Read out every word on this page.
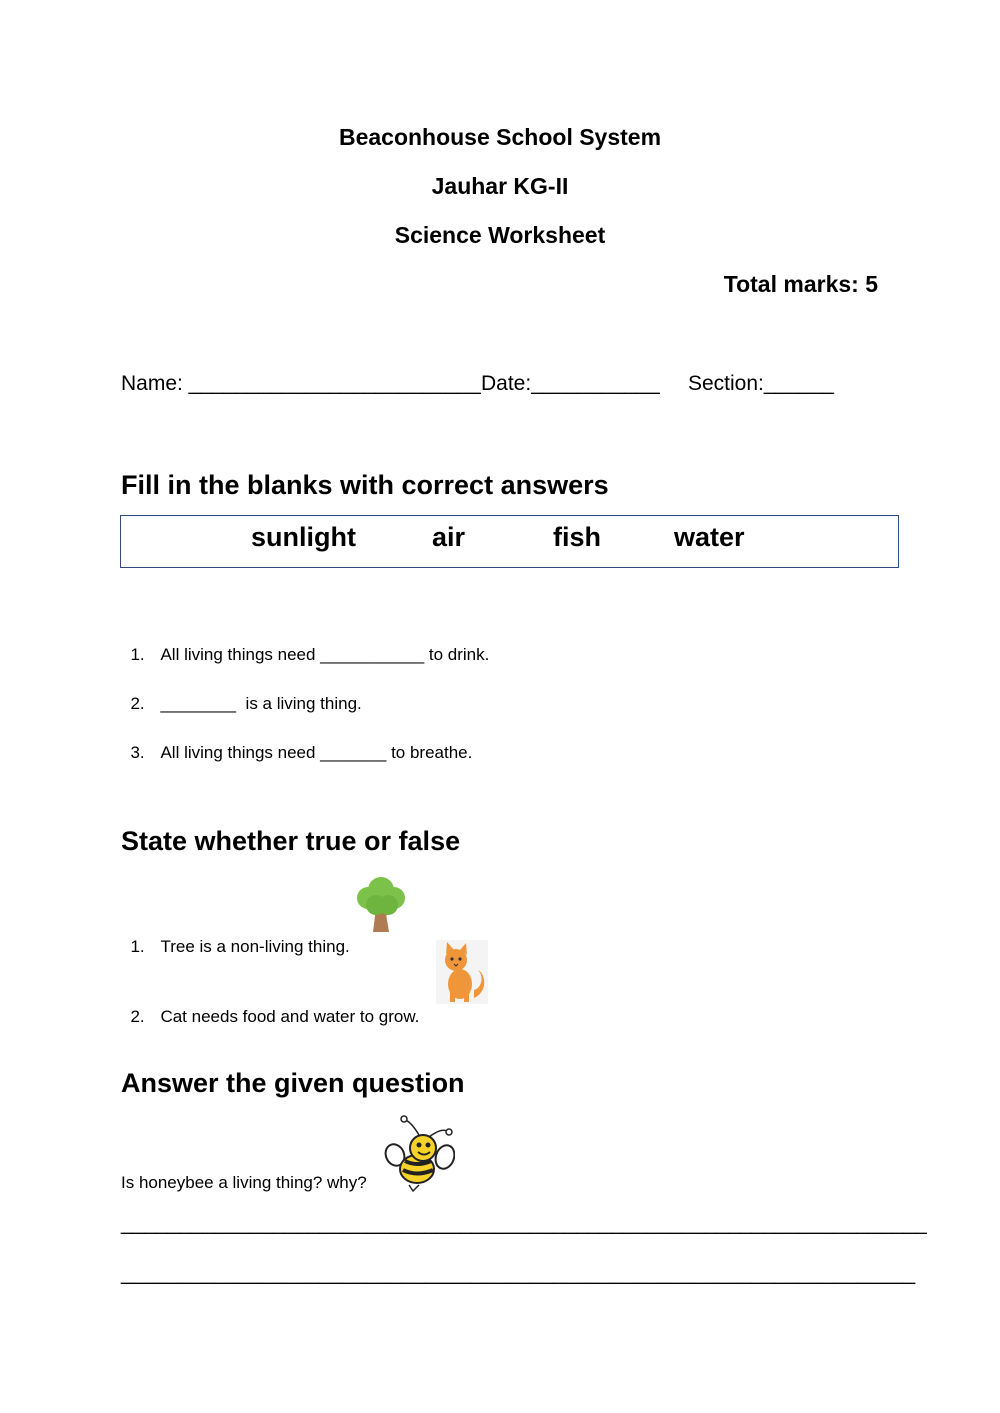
Beaconhouse School System
Jauhar KG-II
Science Worksheet
Total marks: 5
Name: _________________________ Date:___________ Section:______
Fill in the blanks with correct answers
sunlight	air	fish	water

1. All living things need ___________ to drink.

2. ________  is a living thing.

3. All living things need _______ to breathe.

State whether true or false

1. Tree is a non-living thing.

2. Cat needs food and water to grow.

Answer the given question
Is honeybee a living thing? why?
_____________________________________________________________________
____________________________________________________________________
